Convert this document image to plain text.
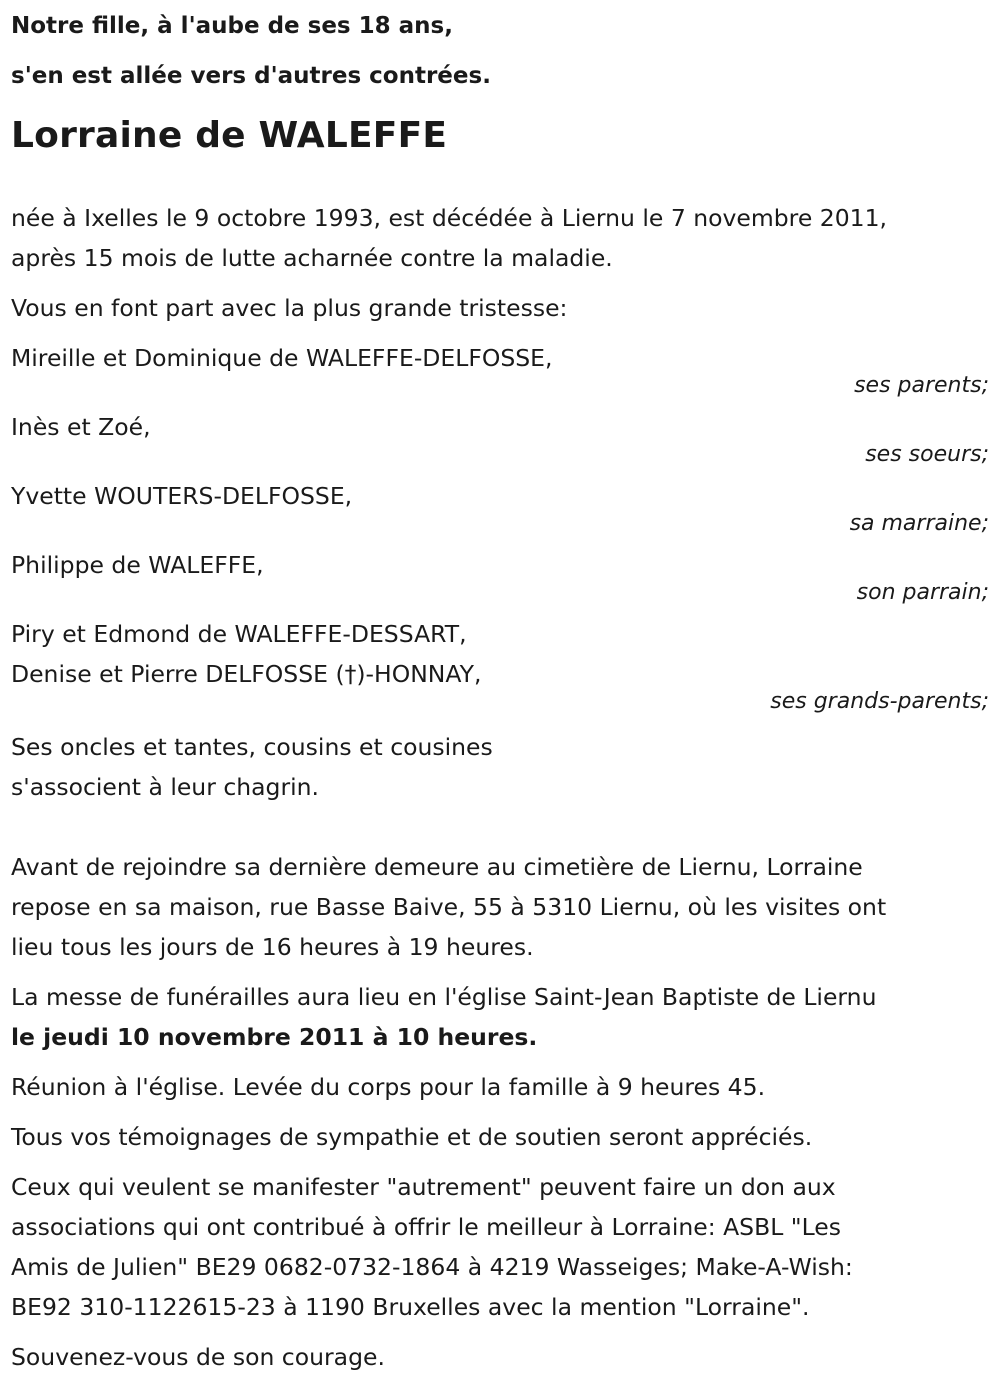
Notre fille, à l'aube de ses 18 ans,
s'en est allée vers d'autres contrées.
Lorraine de WALEFFE
née à Ixelles le 9 octobre 1993, est décédée à Liernu le 7 novembre 2011,
après 15 mois de lutte acharnée contre la maladie.
Vous en font part avec la plus grande tristesse:
Mireille et Dominique de WALEFFE-DELFOSSE,
ses parents;
Inès et Zoé,
ses soeurs;
Yvette WOUTERS-DELFOSSE,
sa marraine;
Philippe de WALEFFE,
son parrain;
Piry et Edmond de WALEFFE-DESSART,
Denise et Pierre DELFOSSE (†)-HONNAY,
ses grands-parents;
Ses oncles et tantes, cousins et cousines
s'associent à leur chagrin.
Avant de rejoindre sa dernière demeure au cimetière de Liernu, Lorraine
repose en sa maison, rue Basse Baive, 55 à 5310 Liernu, où les visites ont
lieu tous les jours de 16 heures à 19 heures.
La messe de funérailles aura lieu en l'église Saint-Jean Baptiste de Liernu
le jeudi 10 novembre 2011 à 10 heures.
Réunion à l'église. Levée du corps pour la famille à 9 heures 45.
Tous vos témoignages de sympathie et de soutien seront appréciés.
Ceux qui veulent se manifester "autrement" peuvent faire un don aux
associations qui ont contribué à offrir le meilleur à Lorraine: ASBL "Les
Amis de Julien" BE29 0682-0732-1864 à 4219 Wasseiges; Make-A-Wish:
BE92 310-1122615-23 à 1190 Bruxelles avec la mention "Lorraine".
Souvenez-vous de son courage.
